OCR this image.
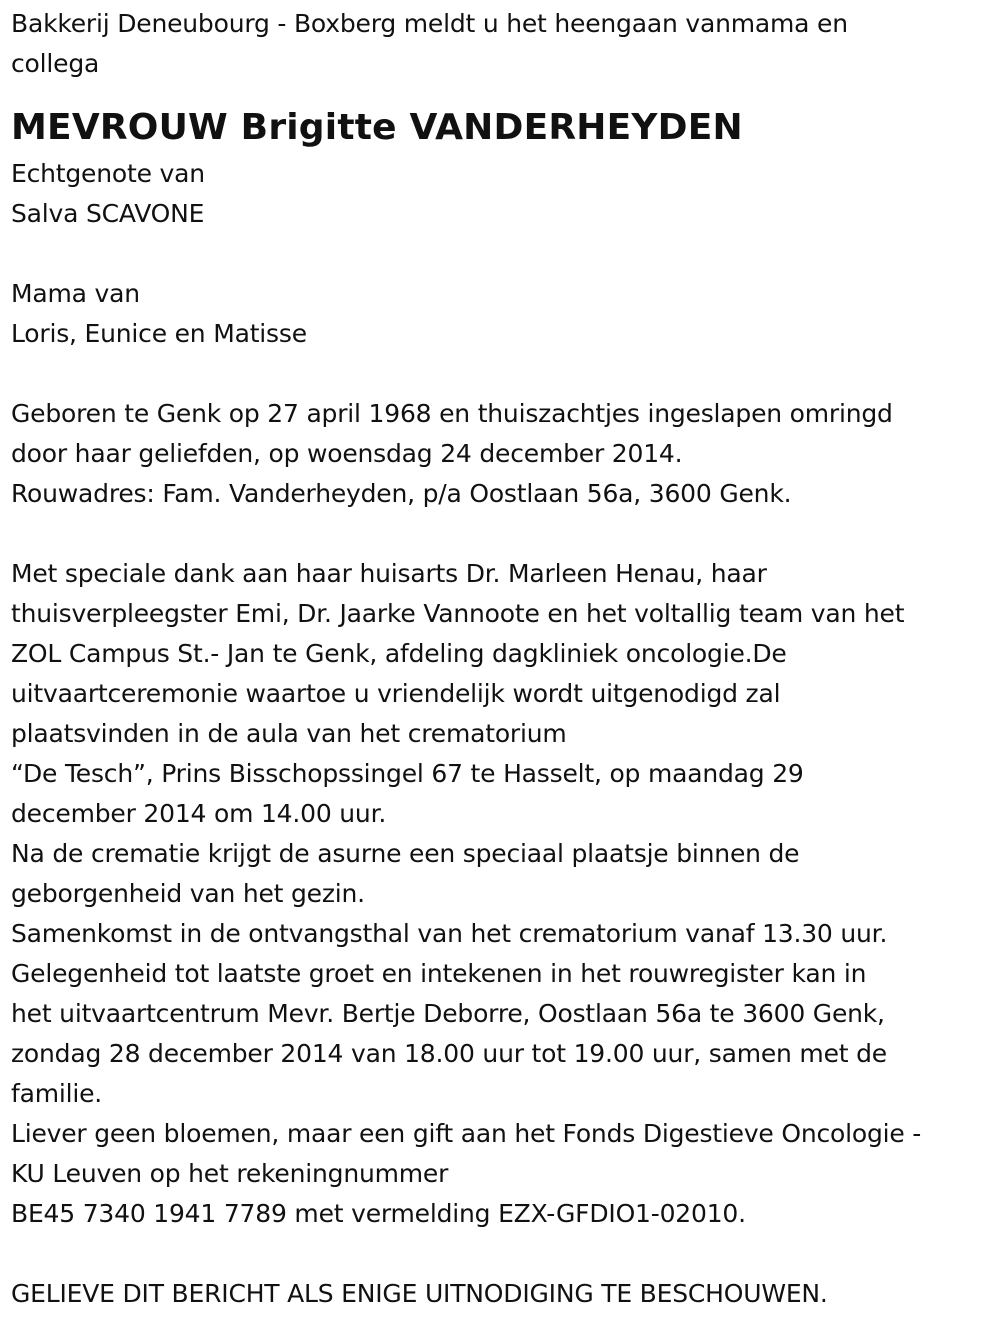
Bakkerij Deneubourg - Boxberg meldt u het heengaan vanmama en
collega
MEVROUW Brigitte VANDERHEYDEN
Echtgenote van
Salva SCAVONE
Mama van
Loris, Eunice en Matisse
Geboren te Genk op 27 april 1968 en thuiszachtjes ingeslapen omringd
door haar geliefden, op woensdag 24 december 2014.
Rouwadres: Fam. Vanderheyden, p/a Oostlaan 56a, 3600 Genk.
Met speciale dank aan haar huisarts Dr. Marleen Henau, haar
thuisverpleegster Emi, Dr. Jaarke Vannoote en het voltallig team van het
ZOL Campus St.- Jan te Genk, afdeling dagkliniek oncologie.De
uitvaartceremonie waartoe u vriendelijk wordt uitgenodigd zal
plaatsvinden in de aula van het crematorium
“De Tesch”, Prins Bisschopssingel 67 te Hasselt, op maandag 29
december 2014 om 14.00 uur.
Na de crematie krijgt de asurne een speciaal plaatsje binnen de
geborgenheid van het gezin.
Samenkomst in de ontvangsthal van het crematorium vanaf 13.30 uur.
Gelegenheid tot laatste groet en intekenen in het rouwregister kan in
het uitvaartcentrum Mevr. Bertje Deborre, Oostlaan 56a te 3600 Genk,
zondag 28 december 2014 van 18.00 uur tot 19.00 uur, samen met de
familie.
Liever geen bloemen, maar een gift aan het Fonds Digestieve Oncologie -
KU Leuven op het rekeningnummer
BE45 7340 1941 7789 met vermelding EZX-GFDIO1-02010.
GELIEVE DIT BERICHT ALS ENIGE UITNODIGING TE BESCHOUWEN.
